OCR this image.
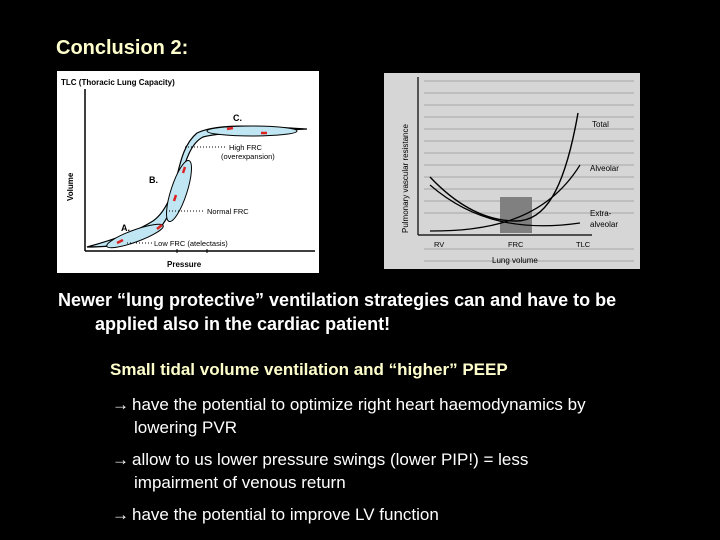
Conclusion 2:
TLC (Thoracic Lung Capacity)
Volume
Pressure
C.
B.
A.
High FRC
(overexpansion)
Normal FRC
Low FRC (atelectasis)
Pulmonary vascular resistance	Total
Alveolar
Extra-
alveolar
RV	FRC	TLC
Lung volume
Newer “lung protective” ventilation strategies can and have to be
applied also in the cardiac patient!
Small tidal volume ventilation and “higher” PEEP
→ have the potential to optimize right heart haemodynamics by
lowering PVR
→ allow to us lower pressure swings (lower PIP!) = less
impairment of venous return
→ have the potential to improve LV function
